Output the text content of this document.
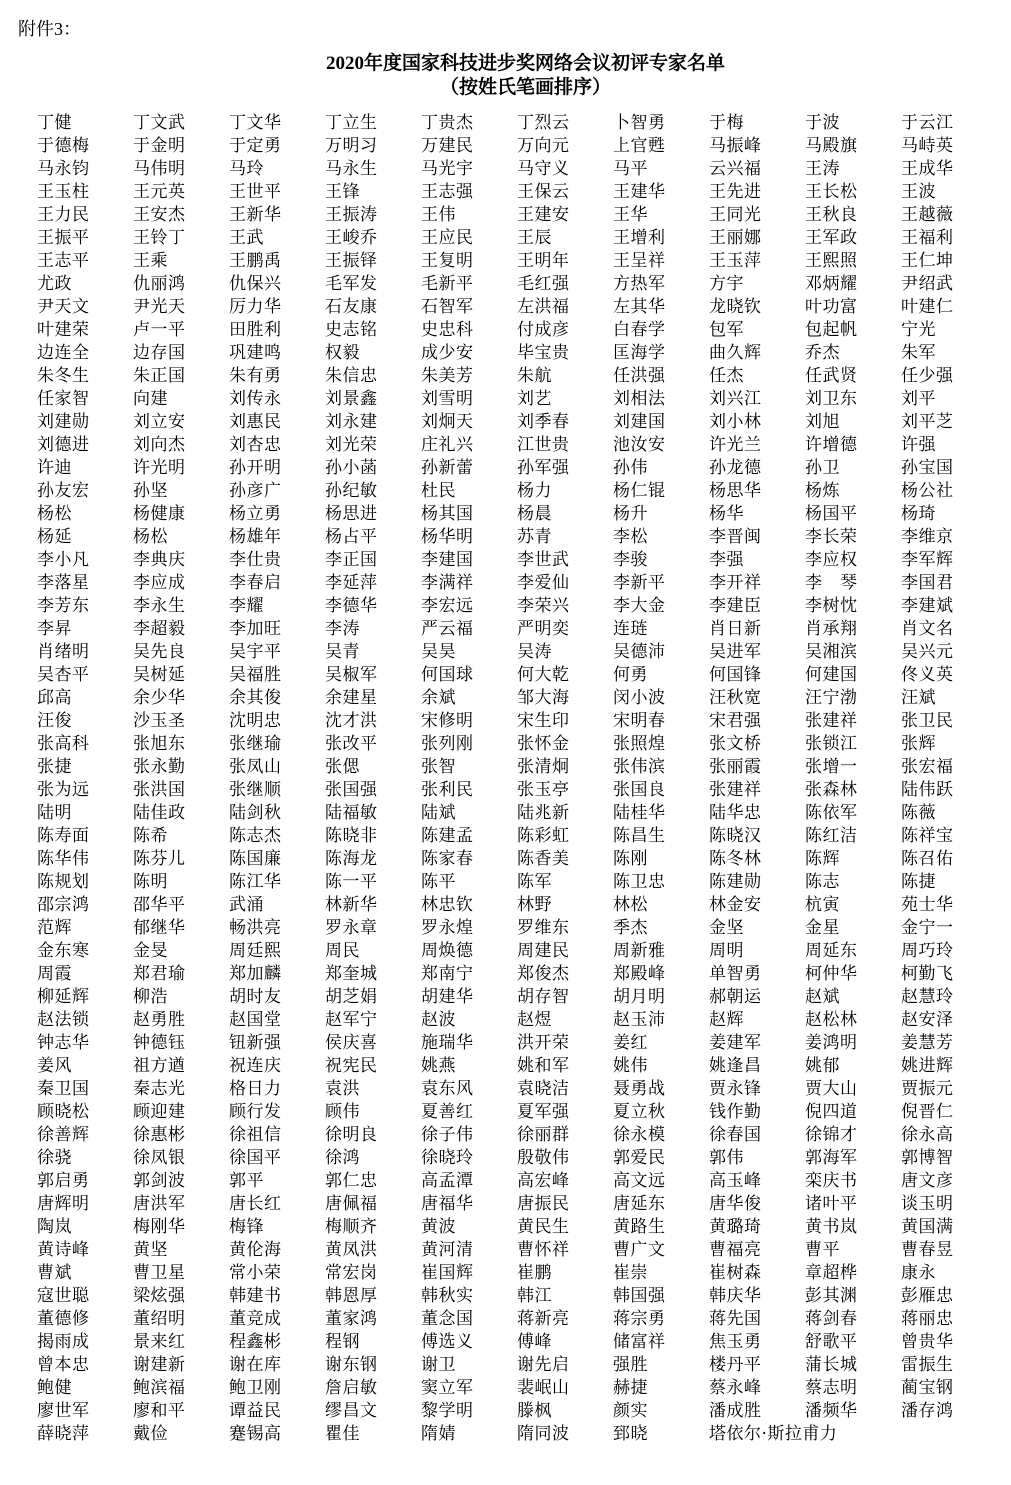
附件3：
2020年度国家科技进步奖网络会议初评专家名单
（按姓氏笔画排序）
丁健	丁文武	丁文华	丁立生	丁贵杰	丁烈云	卜智勇	于梅	于波	于云江
于德梅	于金明	于定勇	万明习	万建民	万向元	上官甦	马振峰	马殿旗	马峙英
马永钧	马伟明	马玲	马永生	马光宇	马守义	马平	云兴福	王涛	王成华
王玉柱	王元英	王世平	王锋	王志强	王保云	王建华	王先进	王长松	王波
王力民	王安杰	王新华	王振涛	王伟	王建安	王华	王同光	王秋良	王越薇
王振平	王铃丁	王武	王峻乔	王应民	王辰	王增利	王丽娜	王军政	王福利
王志平	王乘	王鹏禹	王振铎	王复明	王明年	王呈祥	王玉萍	王熙照	王仁坤
尤政	仇丽鸿	仇保兴	毛军发	毛新平	毛红强	方热军	方宇	邓炳耀	尹绍武
尹天文	尹光天	厉力华	石友康	石智军	左洪福	左其华	龙晓钦	叶功富	叶建仁
叶建荣	卢一平	田胜利	史志铭	史忠科	付成彦	白春学	包军	包起帆	宁光
边连全	边存国	巩建鸣	权毅	成少安	毕宝贵	匡海学	曲久辉	乔杰	朱军
朱冬生	朱正国	朱有勇	朱信忠	朱美芳	朱航	任洪强	任杰	任武贤	任少强
任家智	向建	刘传永	刘景鑫	刘雪明	刘艺	刘相法	刘兴江	刘卫东	刘平
刘建勋	刘立安	刘惠民	刘永建	刘炯天	刘季春	刘建国	刘小林	刘旭	刘平芝
刘德进	刘向杰	刘杏忠	刘光荣	庄礼兴	江世贵	池汝安	许光兰	许增德	许强
许迪	许光明	孙开明	孙小菡	孙新蕾	孙军强	孙伟	孙龙德	孙卫	孙宝国
孙友宏	孙坚	孙彦广	孙纪敏	杜民	杨力	杨仁锟	杨思华	杨炼	杨公社
杨松	杨健康	杨立勇	杨思进	杨其国	杨晨	杨升	杨华	杨国平	杨琦
杨延	杨松	杨雄年	杨占平	杨华明	苏青	李松	李晋闽	李长荣	李维京
李小凡	李典庆	李仕贵	李正国	李建国	李世武	李骏	李强	李应权	李军辉
李落星	李应成	李春启	李延萍	李满祥	李爱仙	李新平	李开祥	李　琴	李国君
李芳东	李永生	李耀	李德华	李宏远	李荣兴	李大金	李建臣	李树忱	李建斌
李昇	李超毅	李加旺	李涛	严云福	严明奕	连琏	肖日新	肖承翔	肖文名
肖绪明	吴先良	吴宇平	吴青	吴昊	吴涛	吴德沛	吴进军	吴湘滨	吴兴元
吴杏平	吴树延	吴福胜	吴椒军	何国球	何大乾	何勇	何国锋	何建国	佟义英
邱高	余少华	余其俊	余建星	余斌	邹大海	闵小波	汪秋宽	汪宁渤	汪斌
汪俊	沙玉圣	沈明忠	沈才洪	宋修明	宋生印	宋明春	宋君强	张建祥	张卫民
张高科	张旭东	张继瑜	张改平	张列刚	张怀金	张照煌	张文桥	张锁江	张辉
张捷	张永勤	张凤山	张偲	张智	张清炯	张伟滨	张丽霞	张增一	张宏福
张为远	张洪国	张继顺	张国强	张利民	张玉亭	张国良	张建祥	张森林	陆伟跃
陆明	陆佳政	陆剑秋	陆福敏	陆斌	陆兆新	陆桂华	陆华忠	陈依军	陈薇
陈寿面	陈希	陈志杰	陈晓非	陈建孟	陈彩虹	陈昌生	陈晓汉	陈红洁	陈祥宝
陈华伟	陈芬儿	陈国廉	陈海龙	陈家春	陈香美	陈刚	陈冬林	陈辉	陈召佑
陈规划	陈明	陈江华	陈一平	陈平	陈军	陈卫忠	陈建勋	陈志	陈捷
邵宗鸿	邵华平	武涌	林新华	林忠钦	林野	林松	林金安	杭寅	苑士华
范辉	郁继华	畅洪亮	罗永章	罗永煌	罗维东	季杰	金坚	金星	金宁一
金东寒	金旻	周廷熙	周民	周焕德	周建民	周新雅	周明	周延东	周巧玲
周霞	郑君瑜	郑加麟	郑奎城	郑南宁	郑俊杰	郑殿峰	单智勇	柯仲华	柯勤飞
柳延辉	柳浩	胡时友	胡芝娟	胡建华	胡存智	胡月明	郝朝运	赵斌	赵慧玲
赵法锁	赵勇胜	赵国堂	赵军宁	赵波	赵煜	赵玉沛	赵辉	赵松林	赵安泽
钟志华	钟德钰	钮新强	侯庆喜	施瑞华	洪开荣	姜红	姜建军	姜鸿明	姜慧芳
姜风	祖方遒	祝连庆	祝宪民	姚燕	姚和军	姚伟	姚逢昌	姚郁	姚进辉
秦卫国	秦志光	格日力	袁洪	袁东风	袁晓洁	聂勇战	贾永锋	贾大山	贾振元
顾晓松	顾迎建	顾行发	顾伟	夏善红	夏军强	夏立秋	钱作勤	倪四道	倪晋仁
徐善辉	徐惠彬	徐祖信	徐明良	徐子伟	徐丽群	徐永模	徐春国	徐锦才	徐永高
徐骁	徐凤银	徐国平	徐鸿	徐晓玲	殷敬伟	郭爱民	郭伟	郭海军	郭博智
郭启勇	郭剑波	郭平	郭仁忠	高孟潭	高宏峰	高文远	高玉峰	栾庆书	唐文彦
唐辉明	唐洪军	唐长红	唐佩福	唐福华	唐振民	唐延东	唐华俊	诸叶平	谈玉明
陶岚	梅刚华	梅锋	梅顺齐	黄波	黄民生	黄路生	黄璐琦	黄书岚	黄国满
黄诗峰	黄坚	黄伦海	黄凤洪	黄河清	曹怀祥	曹广文	曹福亮	曹平	曹春昱
曹斌	曹卫星	常小荣	常宏岗	崔国辉	崔鹏	崔崇	崔树森	章超桦	康永
寇世聪	梁炫强	韩建书	韩恩厚	韩秋实	韩江	韩国强	韩庆华	彭其渊	彭雁忠
董德修	董绍明	董竞成	董家鸿	董念国	蒋新亮	蒋宗勇	蒋先国	蒋剑春	蒋丽忠
揭雨成	景来红	程鑫彬	程钢	傅选义	傅峰	储富祥	焦玉勇	舒歌平	曾贵华
曾本忠	谢建新	谢在库	谢东钢	谢卫	谢先启	强胜	楼丹平	蒲长城	雷振生
鲍健	鲍滨福	鲍卫刚	詹启敏	窦立军	裴岷山	赫捷	蔡永峰	蔡志明	蔺宝钢
廖世军	廖和平	谭益民	缪昌文	黎学明	滕枫	颜实	潘成胜	潘频华	潘存鸿
薛晓萍	戴俭	蹇锡高	瞿佳	隋婧	隋同波	郅晓	塔依尔·斯拉甫力
